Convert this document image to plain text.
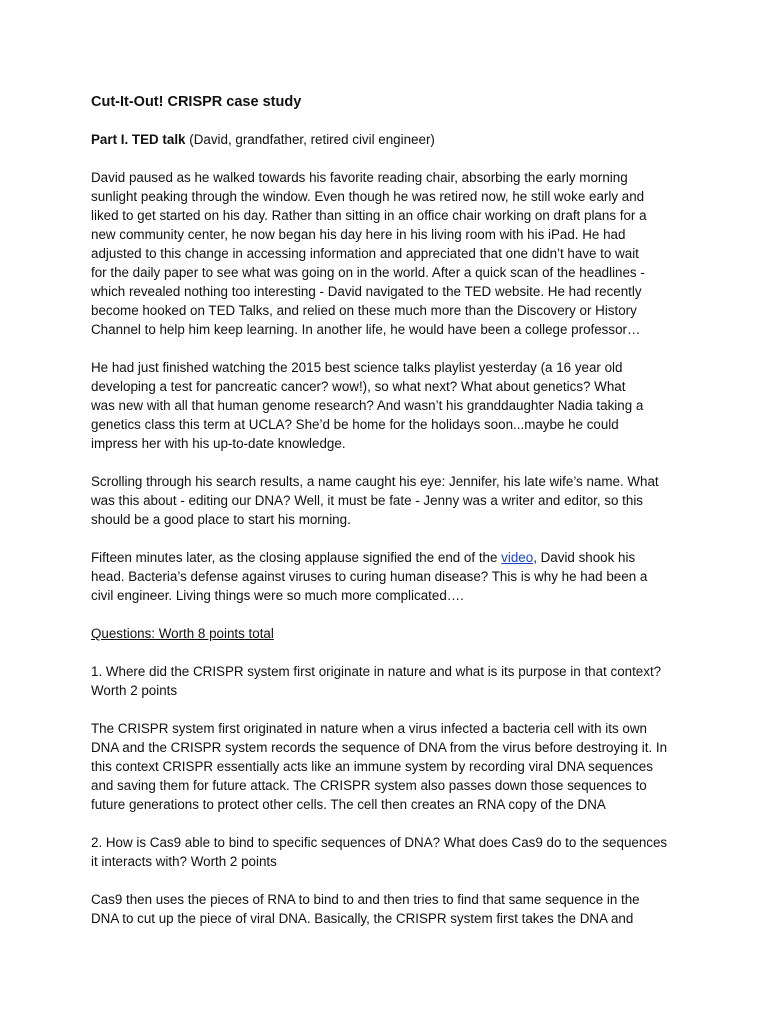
Cut-It-Out! CRISPR case study
Part I. TED talk (David, grandfather, retired civil engineer)

David paused as he walked towards his favorite reading chair, absorbing the early morning
sunlight peaking through the window. Even though he was retired now, he still woke early and
liked to get started on his day. Rather than sitting in an office chair working on draft plans for a
new community center, he now began his day here in his living room with his iPad. He had
adjusted to this change in accessing information and appreciated that one didn’t have to wait
for the daily paper to see what was going on in the world. After a quick scan of the headlines -
which revealed nothing too interesting - David navigated to the TED website. He had recently
become hooked on TED Talks, and relied on these much more than the Discovery or History
Channel to help him keep learning. In another life, he would have been a college professor…

He had just finished watching the 2015 best science talks playlist yesterday (a 16 year old
developing a test for pancreatic cancer? wow!), so what next? What about genetics? What
was new with all that human genome research? And wasn’t his granddaughter Nadia taking a
genetics class this term at UCLA? She’d be home for the holidays soon...maybe he could
impress her with his up-to-date knowledge.

Scrolling through his search results, a name caught his eye: Jennifer, his late wife’s name. What
was this about - editing our DNA? Well, it must be fate - Jenny was a writer and editor, so this
should be a good place to start his morning.

Fifteen minutes later, as the closing applause signified the end of the video, David shook his
head. Bacteria’s defense against viruses to curing human disease? This is why he had been a
civil engineer. Living things were so much more complicated….

Questions: Worth 8 points total

1. Where did the CRISPR system first originate in nature and what is its purpose in that context?
Worth 2 points

The CRISPR system first originated in nature when a virus infected a bacteria cell with its own
DNA and the CRISPR system records the sequence of DNA from the virus before destroying it. In
this context CRISPR essentially acts like an immune system by recording viral DNA sequences
and saving them for future attack. The CRISPR system also passes down those sequences to
future generations to protect other cells. The cell then creates an RNA copy of the DNA

2. How is Cas9 able to bind to specific sequences of DNA? What does Cas9 do to the sequences
it interacts with? Worth 2 points

Cas9 then uses the pieces of RNA to bind to and then tries to find that same sequence in the
DNA to cut up the piece of viral DNA. Basically, the CRISPR system first takes the DNA and
